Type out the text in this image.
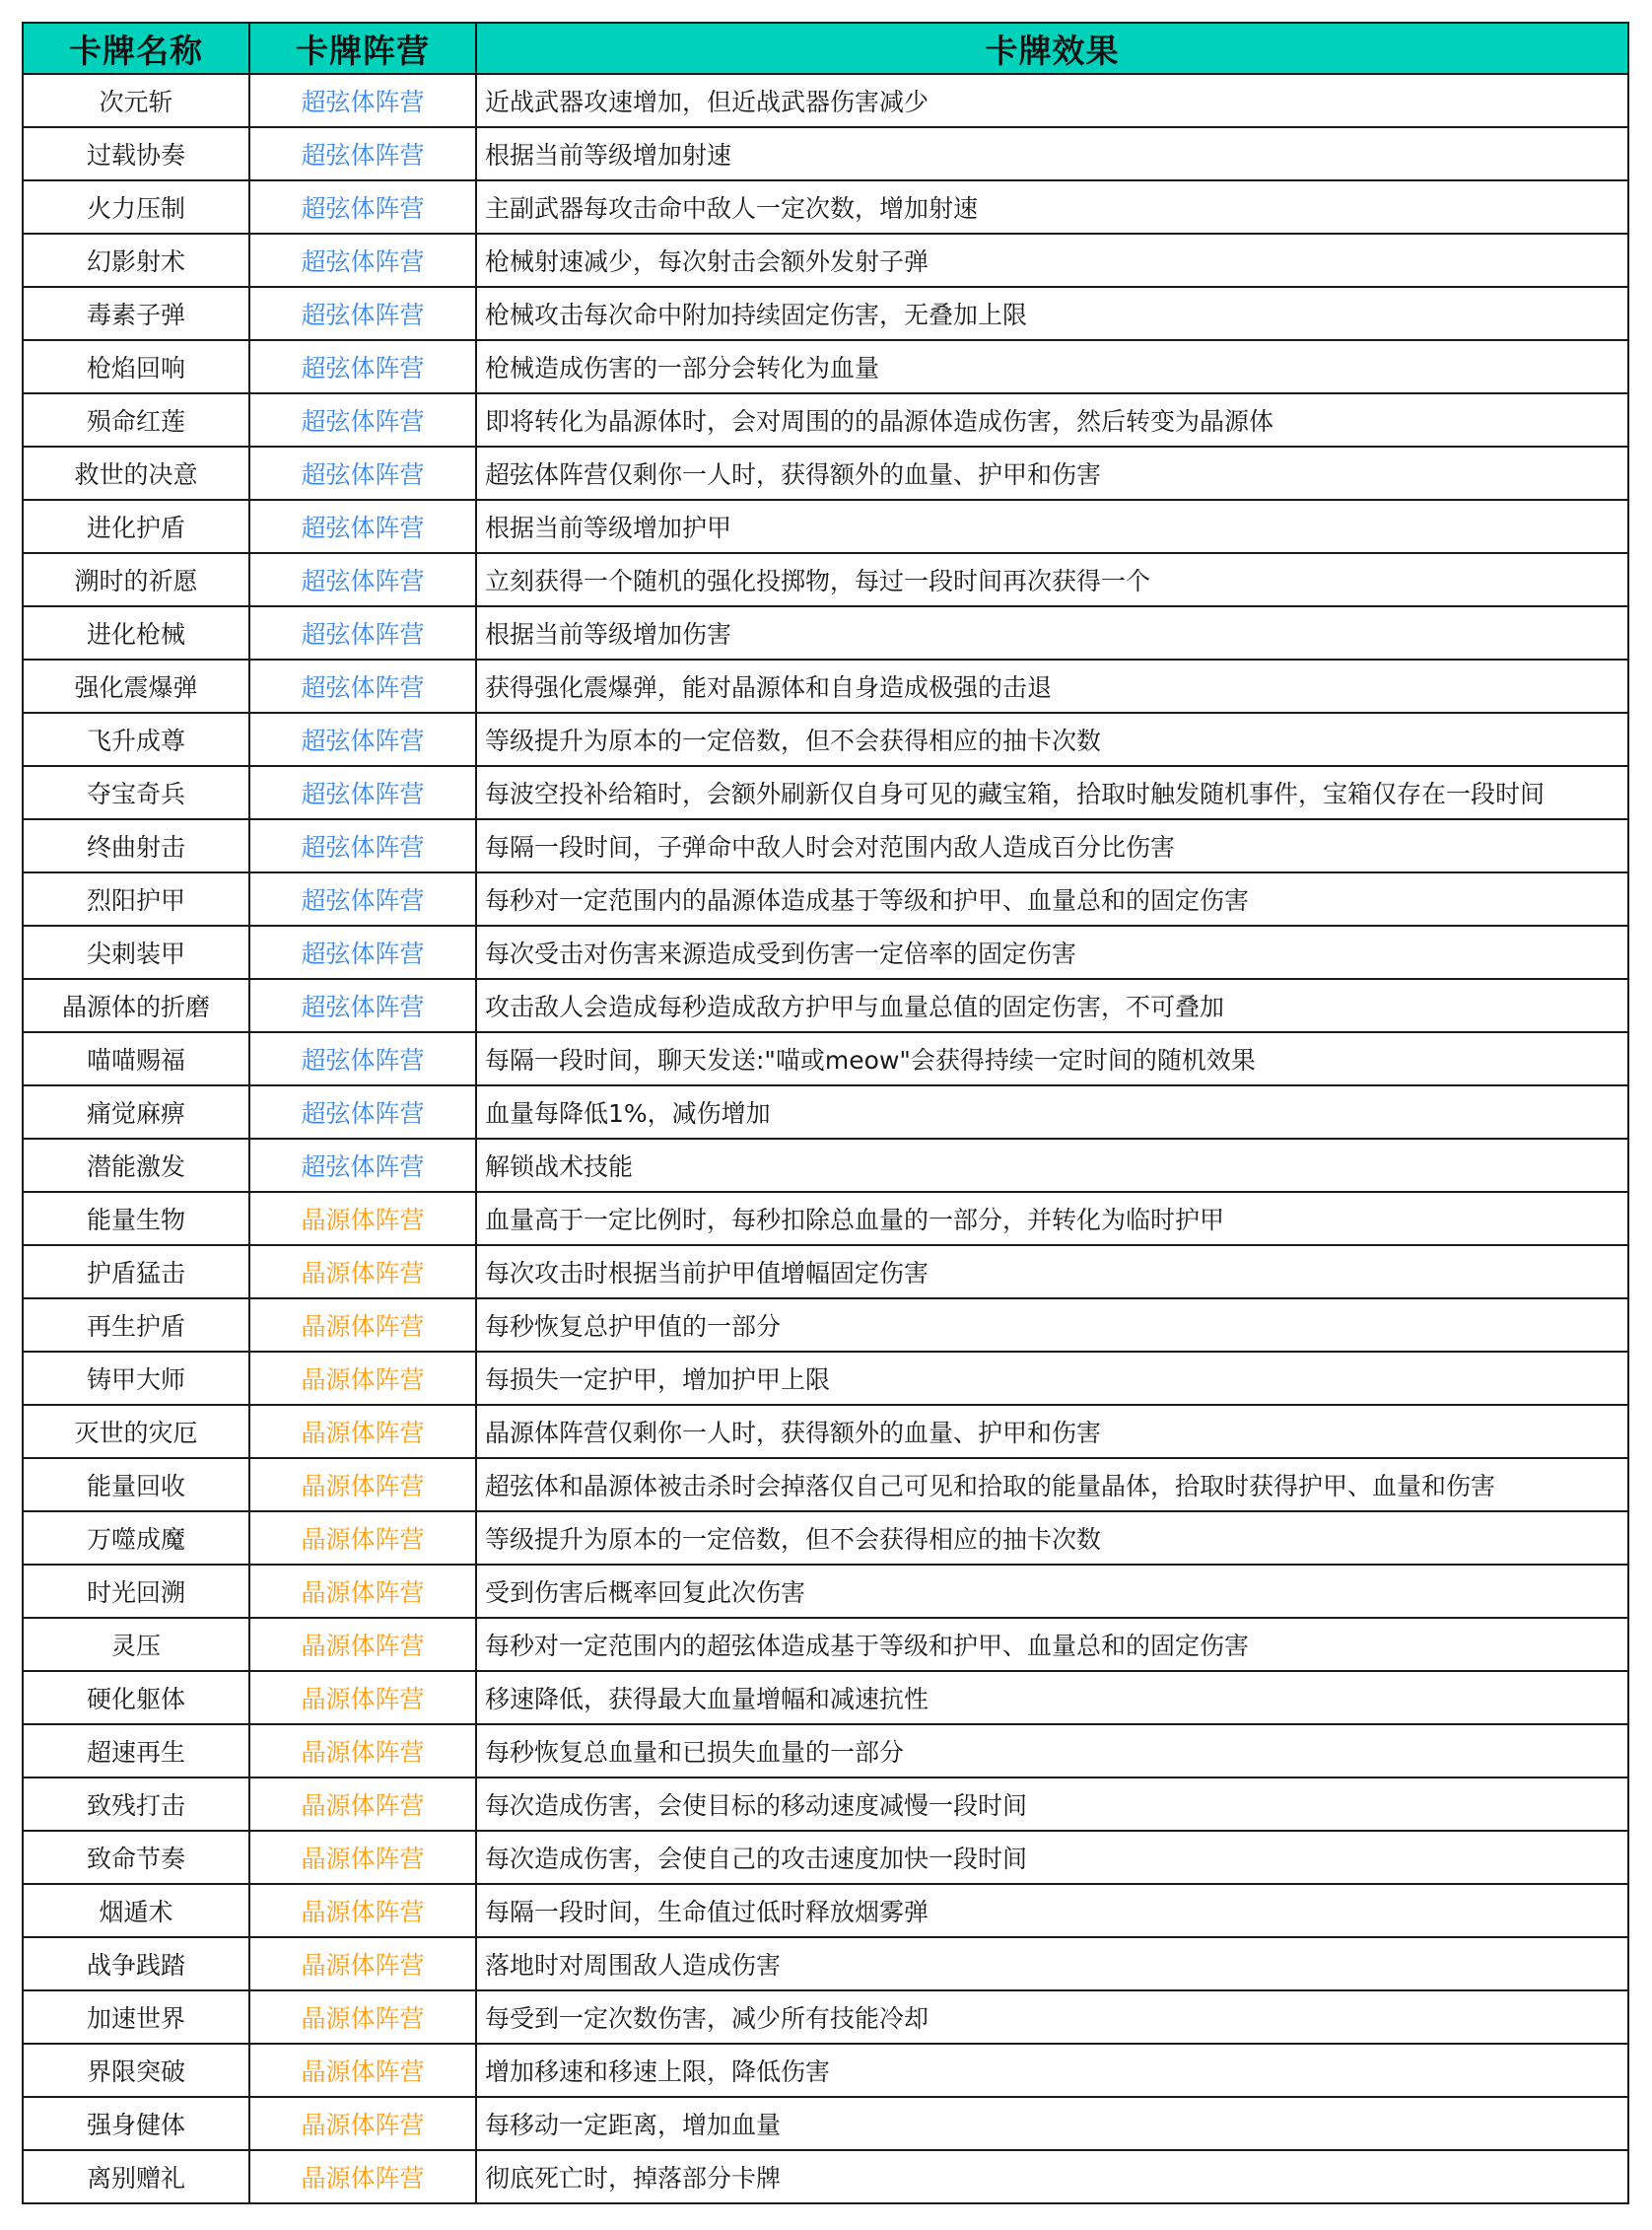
卡牌名称	卡牌阵营	卡牌效果
次元斩	超弦体阵营	近战武器攻速增加，但近战武器伤害减少
过载协奏	超弦体阵营	根据当前等级增加射速
火力压制	超弦体阵营	主副武器每攻击命中敌人一定次数，增加射速
幻影射术	超弦体阵营	枪械射速减少，每次射击会额外发射子弹
毒素子弹	超弦体阵营	枪械攻击每次命中附加持续固定伤害，无叠加上限
枪焰回响	超弦体阵营	枪械造成伤害的一部分会转化为血量
殒命红莲	超弦体阵营	即将转化为晶源体时，会对周围的的晶源体造成伤害，然后转变为晶源体
救世的决意	超弦体阵营	超弦体阵营仅剩你一人时，获得额外的血量、护甲和伤害
进化护盾	超弦体阵营	根据当前等级增加护甲
溯时的祈愿	超弦体阵营	立刻获得一个随机的强化投掷物，每过一段时间再次获得一个
进化枪械	超弦体阵营	根据当前等级增加伤害
强化震爆弹	超弦体阵营	获得强化震爆弹，能对晶源体和自身造成极强的击退
飞升成尊	超弦体阵营	等级提升为原本的一定倍数，但不会获得相应的抽卡次数
夺宝奇兵	超弦体阵营	每波空投补给箱时，会额外刷新仅自身可见的藏宝箱，拾取时触发随机事件，宝箱仅存在一段时间
终曲射击	超弦体阵营	每隔一段时间，子弹命中敌人时会对范围内敌人造成百分比伤害
烈阳护甲	超弦体阵营	每秒对一定范围内的晶源体造成基于等级和护甲、血量总和的固定伤害
尖刺装甲	超弦体阵营	每次受击对伤害来源造成受到伤害一定倍率的固定伤害
晶源体的折磨	超弦体阵营	攻击敌人会造成每秒造成敌方护甲与血量总值的固定伤害，不可叠加
喵喵赐福	超弦体阵营	每隔一段时间，聊天发送:"喵或meow"会获得持续一定时间的随机效果
痛觉麻痹	超弦体阵营	血量每降低1%，减伤增加
潜能激发	超弦体阵营	解锁战术技能
能量生物	晶源体阵营	血量高于一定比例时，每秒扣除总血量的一部分，并转化为临时护甲
护盾猛击	晶源体阵营	每次攻击时根据当前护甲值增幅固定伤害
再生护盾	晶源体阵营	每秒恢复总护甲值的一部分
铸甲大师	晶源体阵营	每损失一定护甲，增加护甲上限
灭世的灾厄	晶源体阵营	晶源体阵营仅剩你一人时，获得额外的血量、护甲和伤害
能量回收	晶源体阵营	超弦体和晶源体被击杀时会掉落仅自己可见和拾取的能量晶体，拾取时获得护甲、血量和伤害
万噬成魔	晶源体阵营	等级提升为原本的一定倍数，但不会获得相应的抽卡次数
时光回溯	晶源体阵营	受到伤害后概率回复此次伤害
灵压	晶源体阵营	每秒对一定范围内的超弦体造成基于等级和护甲、血量总和的固定伤害
硬化躯体	晶源体阵营	移速降低，获得最大血量增幅和减速抗性
超速再生	晶源体阵营	每秒恢复总血量和已损失血量的一部分
致残打击	晶源体阵营	每次造成伤害，会使目标的移动速度减慢一段时间
致命节奏	晶源体阵营	每次造成伤害，会使自己的攻击速度加快一段时间
烟遁术	晶源体阵营	每隔一段时间，生命值过低时释放烟雾弹
战争践踏	晶源体阵营	落地时对周围敌人造成伤害
加速世界	晶源体阵营	每受到一定次数伤害，减少所有技能冷却
界限突破	晶源体阵营	增加移速和移速上限，降低伤害
强身健体	晶源体阵营	每移动一定距离，增加血量
离别赠礼	晶源体阵营	彻底死亡时，掉落部分卡牌
